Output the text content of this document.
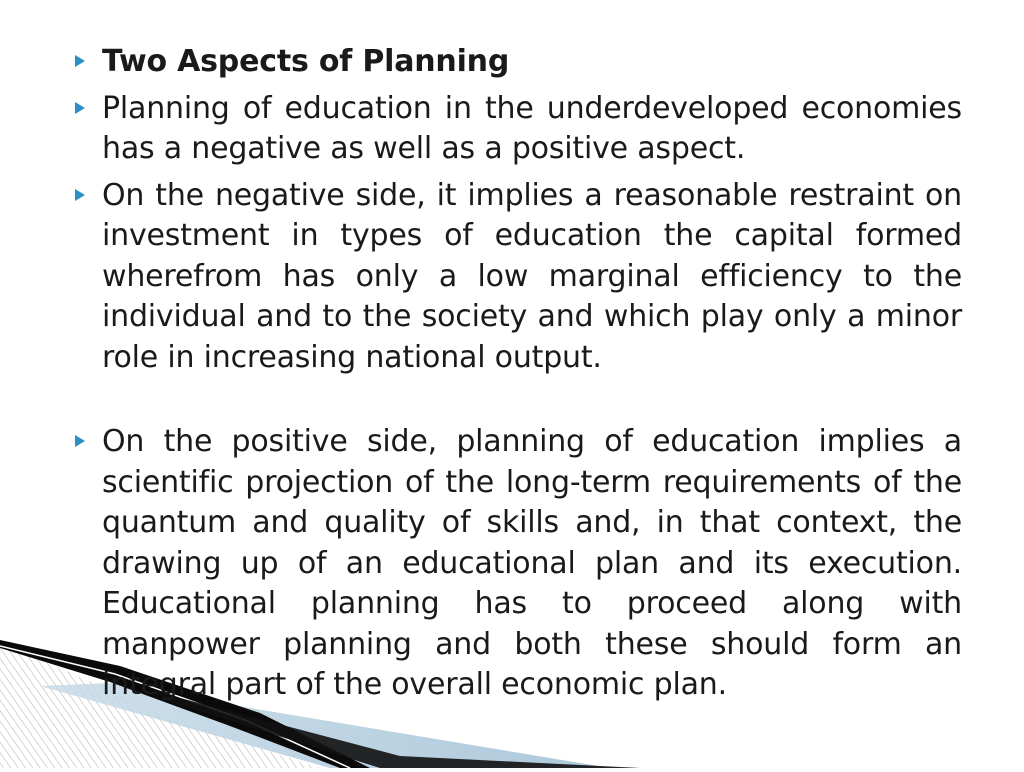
Two Aspects of Planning
Planning of education in the underdeveloped economies has a negative as well as a positive aspect.
On the negative side, it implies a reasonable restraint on investment in types of education the capital formed wherefrom has only a low marginal efficiency to the individual and to the society and which play only a minor role in increasing national output.
On the positive side, planning of education implies a scientific projection of the long-term requirements of the quantum and quality of skills and, in that context, the drawing up of an educational plan and its execution. Educational planning has to proceed along with manpower planning and both these should form an integral part of the overall economic plan.
